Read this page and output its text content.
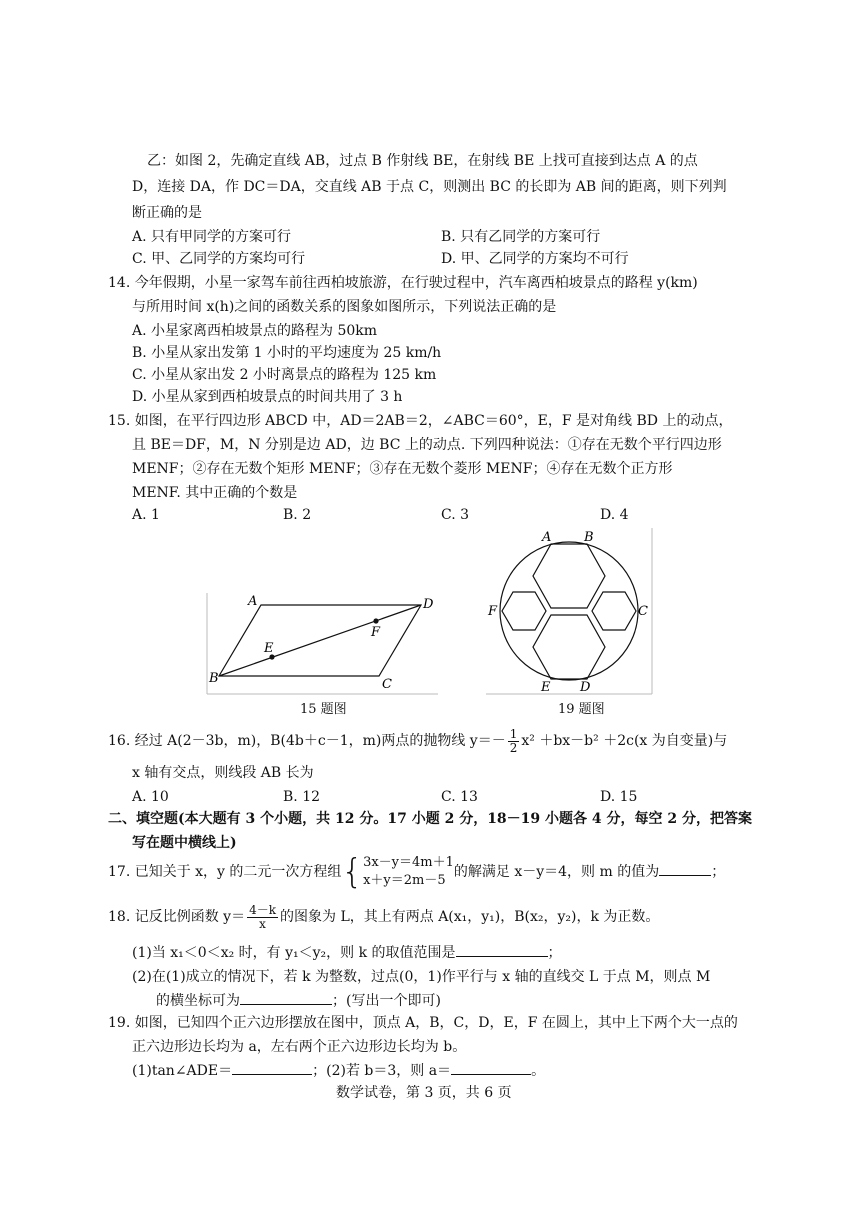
乙：如图 2，先确定直线 AB，过点 B 作射线 BE，在射线 BE 上找可直接到达点 A 的点
D，连接 DA，作 DC＝DA，交直线 AB 于点 C，则测出 BC 的长即为 AB 间的距离，则下列判
断正确的是
A. 只有甲同学的方案可行	B. 只有乙同学的方案可行
C. 甲、乙同学的方案均可行	D. 甲、乙同学的方案均不可行
14. 今年假期，小星一家驾车前往西柏坡旅游，在行驶过程中，汽车离西柏坡景点的路程 y(km)
与所用时间 x(h)之间的函数关系的图象如图所示，下列说法正确的是
A. 小星家离西柏坡景点的路程为 50km
B. 小星从家出发第 1 小时的平均速度为 25 km/h
C. 小星从家出发 2 小时离景点的路程为 125 km
D. 小星从家到西柏坡景点的时间共用了 3 h
15. 如图，在平行四边形 ABCD 中，AD＝2AB＝2，∠ABC＝60°，E，F 是对角线 BD 上的动点，
且 BE＝DF，M，N 分别是边 AD，边 BC 上的动点. 下列四种说法：①存在无数个平行四边形
MENF；②存在无数个矩形 MENF；③存在无数个菱形 MENF；④存在无数个正方形
MENF. 其中正确的个数是
A. 1	B. 2	C. 3	D. 4
A	D
B	C
E
F
15 题图
A	B
C
F
E D
19 题图
16. 经过 A(2－3b，m)，B(4b＋c－1，m)两点的抛物线 $y=- \frac{1}{2} x^2 +bx-b^2 +2c(x$ 为自变量)与
x 轴有交点，则线段 AB 长为
A. 10	B. 12	C. 13	D. 15
二、填空题(本大题有 3 个小题，共 12 分。17 小题 2 分，18－19 小题各 4 分，每空 2 分，把答案
写在题中横线上)
17. 已知关于 x，y 的二元一次方程组{ 3x－y＝4m＋1
x＋y＝2m－5
的解满足 x－y＝4，则 m 的值为	；
18. 记反比例函数 $y= \frac{4-k}{x}$ 的图象为 L，其上有两点 A(x₁，y₁)，B(x₂，y₂)，k 为正数。
(1)当 x₁＜0＜x₂ 时，有 y₁＜y₂，则 k 的取值范围是	；
(2)在(1)成立的情况下，若 k 为整数，过点(0，1)作平行与 x 轴的直线交 L 于点 M，则点 M
的横坐标可为	；(写出一个即可)
19. 如图，已知四个正六边形摆放在图中，顶点 A，B，C，D，E，F 在圆上，其中上下两个大一点的
正六边形边长均为 a，左右两个正六边形边长均为 b。
(1)tan∠ADE＝	；(2)若 b＝3，则 a＝	。
数学试卷，第 3 页，共 6 页
